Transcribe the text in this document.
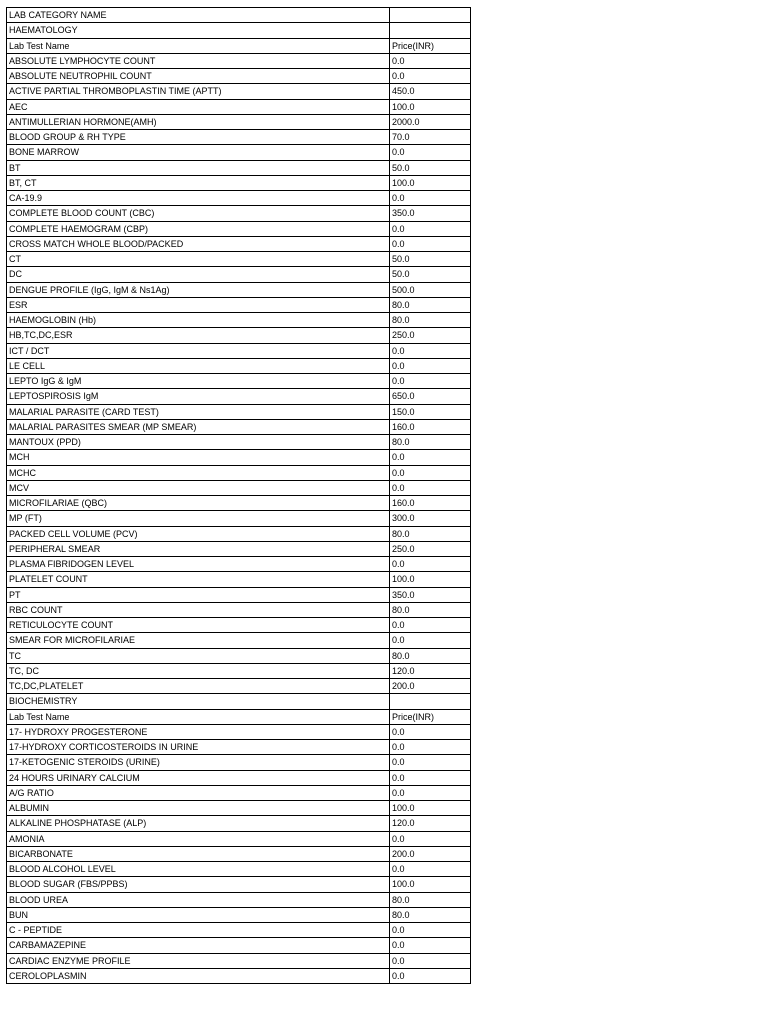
LAB CATEGORY NAME	
HAEMATOLOGY	
Lab Test Name	Price(INR)
ABSOLUTE LYMPHOCYTE COUNT	0.0
ABSOLUTE NEUTROPHIL COUNT	0.0
ACTIVE PARTIAL THROMBOPLASTIN TIME (APTT)	450.0
AEC	100.0
ANTIMULLERIAN HORMONE(AMH)	2000.0
BLOOD GROUP & RH TYPE	70.0
BONE MARROW	0.0
BT	50.0
BT, CT	100.0
CA-19.9	0.0
COMPLETE BLOOD COUNT (CBC)	350.0
COMPLETE HAEMOGRAM (CBP)	0.0
CROSS MATCH WHOLE BLOOD/PACKED	0.0
CT	50.0
DC	50.0
DENGUE PROFILE (IgG, IgM & Ns1Ag)	500.0
ESR	80.0
HAEMOGLOBIN (Hb)	80.0
HB,TC,DC,ESR	250.0
ICT / DCT	0.0
LE CELL	0.0
LEPTO IgG & IgM	0.0
LEPTOSPIROSIS IgM	650.0
MALARIAL PARASITE (CARD TEST)	150.0
MALARIAL PARASITES SMEAR (MP SMEAR)	160.0
MANTOUX (PPD)	80.0
MCH	0.0
MCHC	0.0
MCV	0.0
MICROFILARIAE (QBC)	160.0
MP (FT)	300.0
PACKED CELL VOLUME (PCV)	80.0
PERIPHERAL SMEAR	250.0
PLASMA FIBRIDOGEN LEVEL	0.0
PLATELET COUNT	100.0
PT	350.0
RBC COUNT	80.0
RETICULOCYTE COUNT	0.0
SMEAR FOR MICROFILARIAE	0.0
TC	80.0
TC, DC	120.0
TC,DC,PLATELET	200.0
BIOCHEMISTRY	
Lab Test Name	Price(INR)
17- HYDROXY PROGESTERONE	0.0
17-HYDROXY CORTICOSTEROIDS IN URINE	0.0
17-KETOGENIC STEROIDS (URINE)	0.0
24 HOURS URINARY CALCIUM	0.0
A/G RATIO	0.0
ALBUMIN	100.0
ALKALINE PHOSPHATASE (ALP)	120.0
AMONIA	0.0
BICARBONATE	200.0
BLOOD ALCOHOL LEVEL	0.0
BLOOD SUGAR (FBS/PPBS)	100.0
BLOOD UREA	80.0
BUN	80.0
C - PEPTIDE	0.0
CARBAMAZEPINE	0.0
CARDIAC ENZYME PROFILE	0.0
CEROLOPLASMIN	0.0
